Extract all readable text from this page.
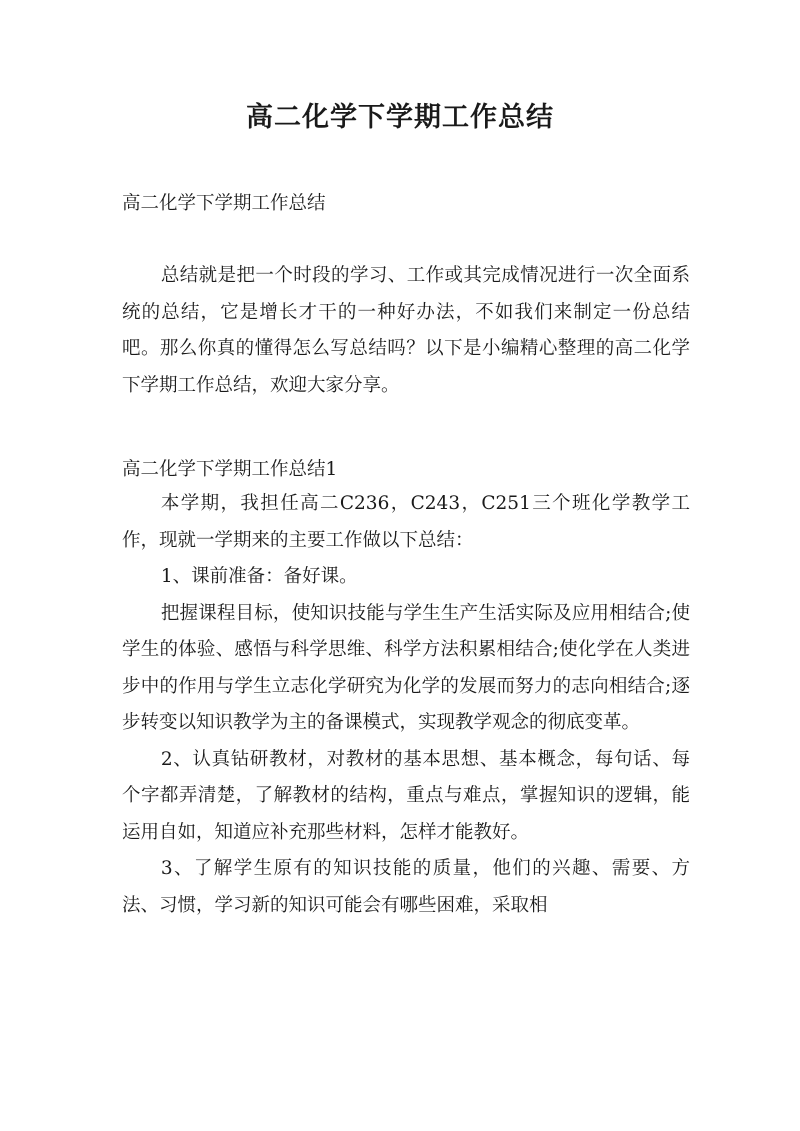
高二化学下学期工作总结

高二化学下学期工作总结

总结就是把一个时段的学习、工作或其完成情况进行一次全面系统的总结，它是增长才干的一种好办法，不如我们来制定一份总结吧。那么你真的懂得怎么写总结吗？以下是小编精心整理的高二化学下学期工作总结，欢迎大家分享。

高二化学下学期工作总结1

本学期，我担任高二C236，C243，C251三个班化学教学工作，现就一学期来的主要工作做以下总结：

1、课前准备：备好课。

把握课程目标，使知识技能与学生生产生活实际及应用相结合;使学生的体验、感悟与科学思维、科学方法积累相结合;使化学在人类进步中的作用与学生立志化学研究为化学的发展而努力的志向相结合;逐步转变以知识教学为主的备课模式，实现教学观念的彻底变革。

2、认真钻研教材，对教材的基本思想、基本概念，每句话、每个字都弄清楚，了解教材的结构，重点与难点，掌握知识的逻辑，能运用自如，知道应补充那些材料，怎样才能教好。

3、了解学生原有的知识技能的质量，他们的兴趣、需要、方法、习惯，学习新的知识可能会有哪些困难，采取相
